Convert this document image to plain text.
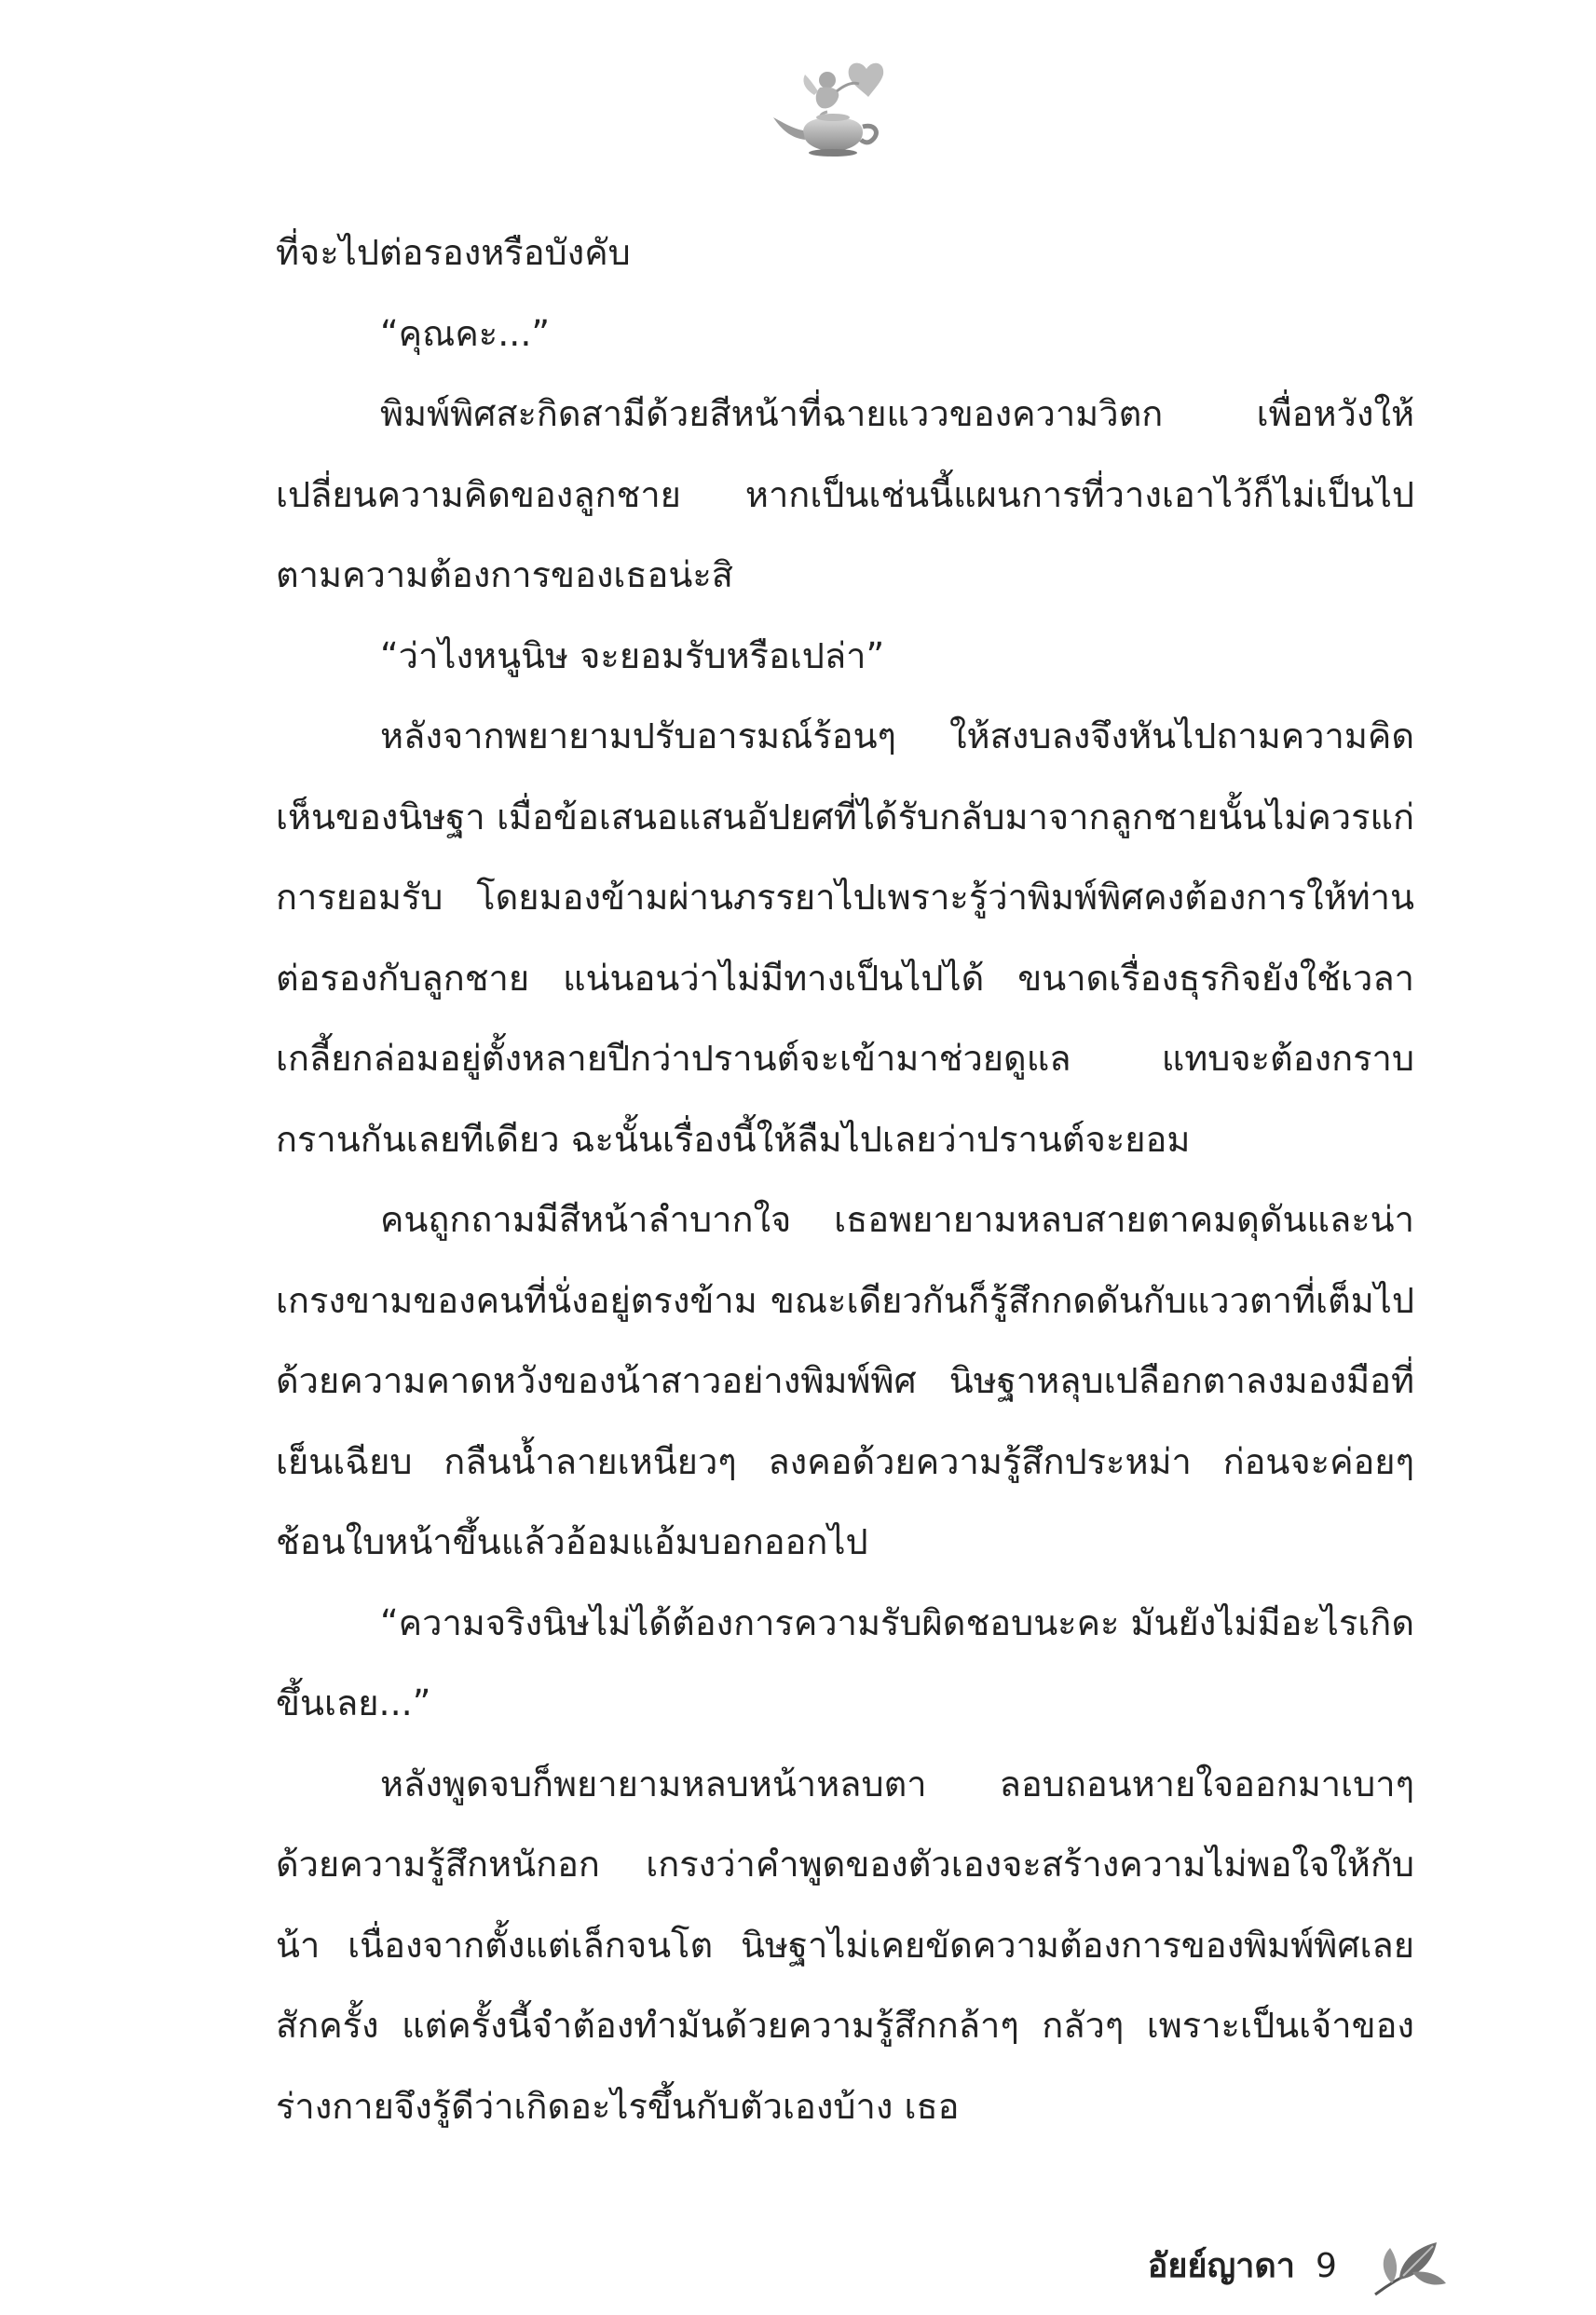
ที่จะไปต่อรองหรือบังคับ

“คุณคะ...”

พิมพ์พิศสะกิดสามีด้วยสีหน้าที่ฉายแววของความวิตก เพื่อหวังให้เปลี่ยนความคิดของลูกชาย หากเป็นเช่นนี้แผนการที่วางเอาไว้ก็ไม่เป็นไปตามความต้องการของเธอน่ะสิ

“ว่าไงหนูนิษ จะยอมรับหรือเปล่า”

หลังจากพยายามปรับอารมณ์ร้อนๆ ให้สงบลงจึงหันไปถามความคิดเห็นของนิษฐา เมื่อข้อเสนอแสนอัปยศที่ได้รับกลับมาจากลูกชายนั้นไม่ควรแก่การยอมรับ โดยมองข้ามผ่านภรรยาไปเพราะรู้ว่าพิมพ์พิศคงต้องการให้ท่านต่อรองกับลูกชาย แน่นอนว่าไม่มีทางเป็นไปได้ ขนาดเรื่องธุรกิจยังใช้เวลาเกลี้ยกล่อมอยู่ตั้งหลายปีกว่าปรานต์จะเข้ามาช่วยดูแล แทบจะต้องกราบกรานกันเลยทีเดียว ฉะนั้นเรื่องนี้ให้ลืมไปเลยว่าปรานต์จะยอม

คนถูกถามมีสีหน้าลำบากใจ เธอพยายามหลบสายตาคมดุดันและน่าเกรงขามของคนที่นั่งอยู่ตรงข้าม ขณะเดียวกันก็รู้สึกกดดันกับแววตาที่เต็มไปด้วยความคาดหวังของน้าสาวอย่างพิมพ์พิศ นิษฐาหลุบเปลือกตาลงมองมือที่เย็นเฉียบ กลืนน้ำลายเหนียวๆ ลงคอด้วยความรู้สึกประหม่า ก่อนจะค่อยๆ ช้อนใบหน้าขึ้นแล้วอ้อมแอ้มบอกออกไป

“ความจริงนิษไม่ได้ต้องการความรับผิดชอบนะคะ มันยังไม่มีอะไรเกิดขึ้นเลย...”

หลังพูดจบก็พยายามหลบหน้าหลบตา ลอบถอนหายใจออกมาเบาๆ ด้วยความรู้สึกหนักอก เกรงว่าคำพูดของตัวเองจะสร้างความไม่พอใจให้กับน้า เนื่องจากตั้งแต่เล็กจนโต นิษฐาไม่เคยขัดความต้องการของพิมพ์พิศเลยสักครั้ง แต่ครั้งนี้จำต้องทำมันด้วยความรู้สึกกล้าๆ กลัวๆ เพราะเป็นเจ้าของร่างกายจึงรู้ดีว่าเกิดอะไรขึ้นกับตัวเองบ้าง เธอ

อัยย์ญาดา 9
